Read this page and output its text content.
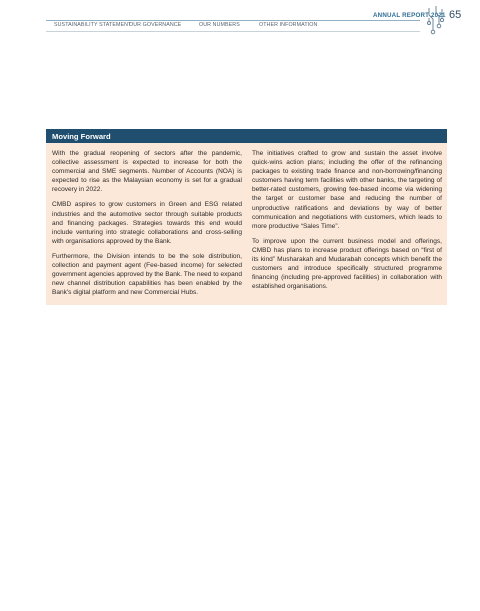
ANNUAL REPORT 2021
SUSTAINABILITY STATEMENT
OUR GOVERNANCE	OUR NUMBERS	OTHER INFORMATION
65
Moving Forward

With the gradual reopening of sectors after the pandemic, collective assessment is expected to increase for both the commercial and SME segments. Number of Accounts (NOA) is expected to rise as the Malaysian economy is set for a gradual recovery in 2022.

CMBD aspires to grow customers in Green and ESG related industries and the automotive sector through suitable products and financing packages. Strategies towards this end would include venturing into strategic collaborations and cross-selling with organisations approved by the Bank.

Furthermore, the Division intends to be the sole distribution, collection and payment agent (Fee-based income) for selected government agencies approved by the Bank. The need to expand new channel distribution capabilities has been enabled by the Bank's digital platform and new Commercial Hubs.

The initiatives crafted to grow and sustain the asset involve quick-wins action plans; including the offer of the refinancing packages to existing trade finance and non-borrowing/financing customers having term facilities with other banks, the targeting of better-rated customers, growing fee-based income via widening the target or customer base and reducing the number of unproductive ratifications and deviations by way of better communication and negotiations with customers, which leads to more productive “Sales Time”.

To improve upon the current business model and offerings, CMBD has plans to increase product offerings based on “first of its kind” Musharakah and Mudarabah concepts which benefit the customers and introduce specifically structured programme financing (including pre-approved facilities) in collaboration with established organisations.
